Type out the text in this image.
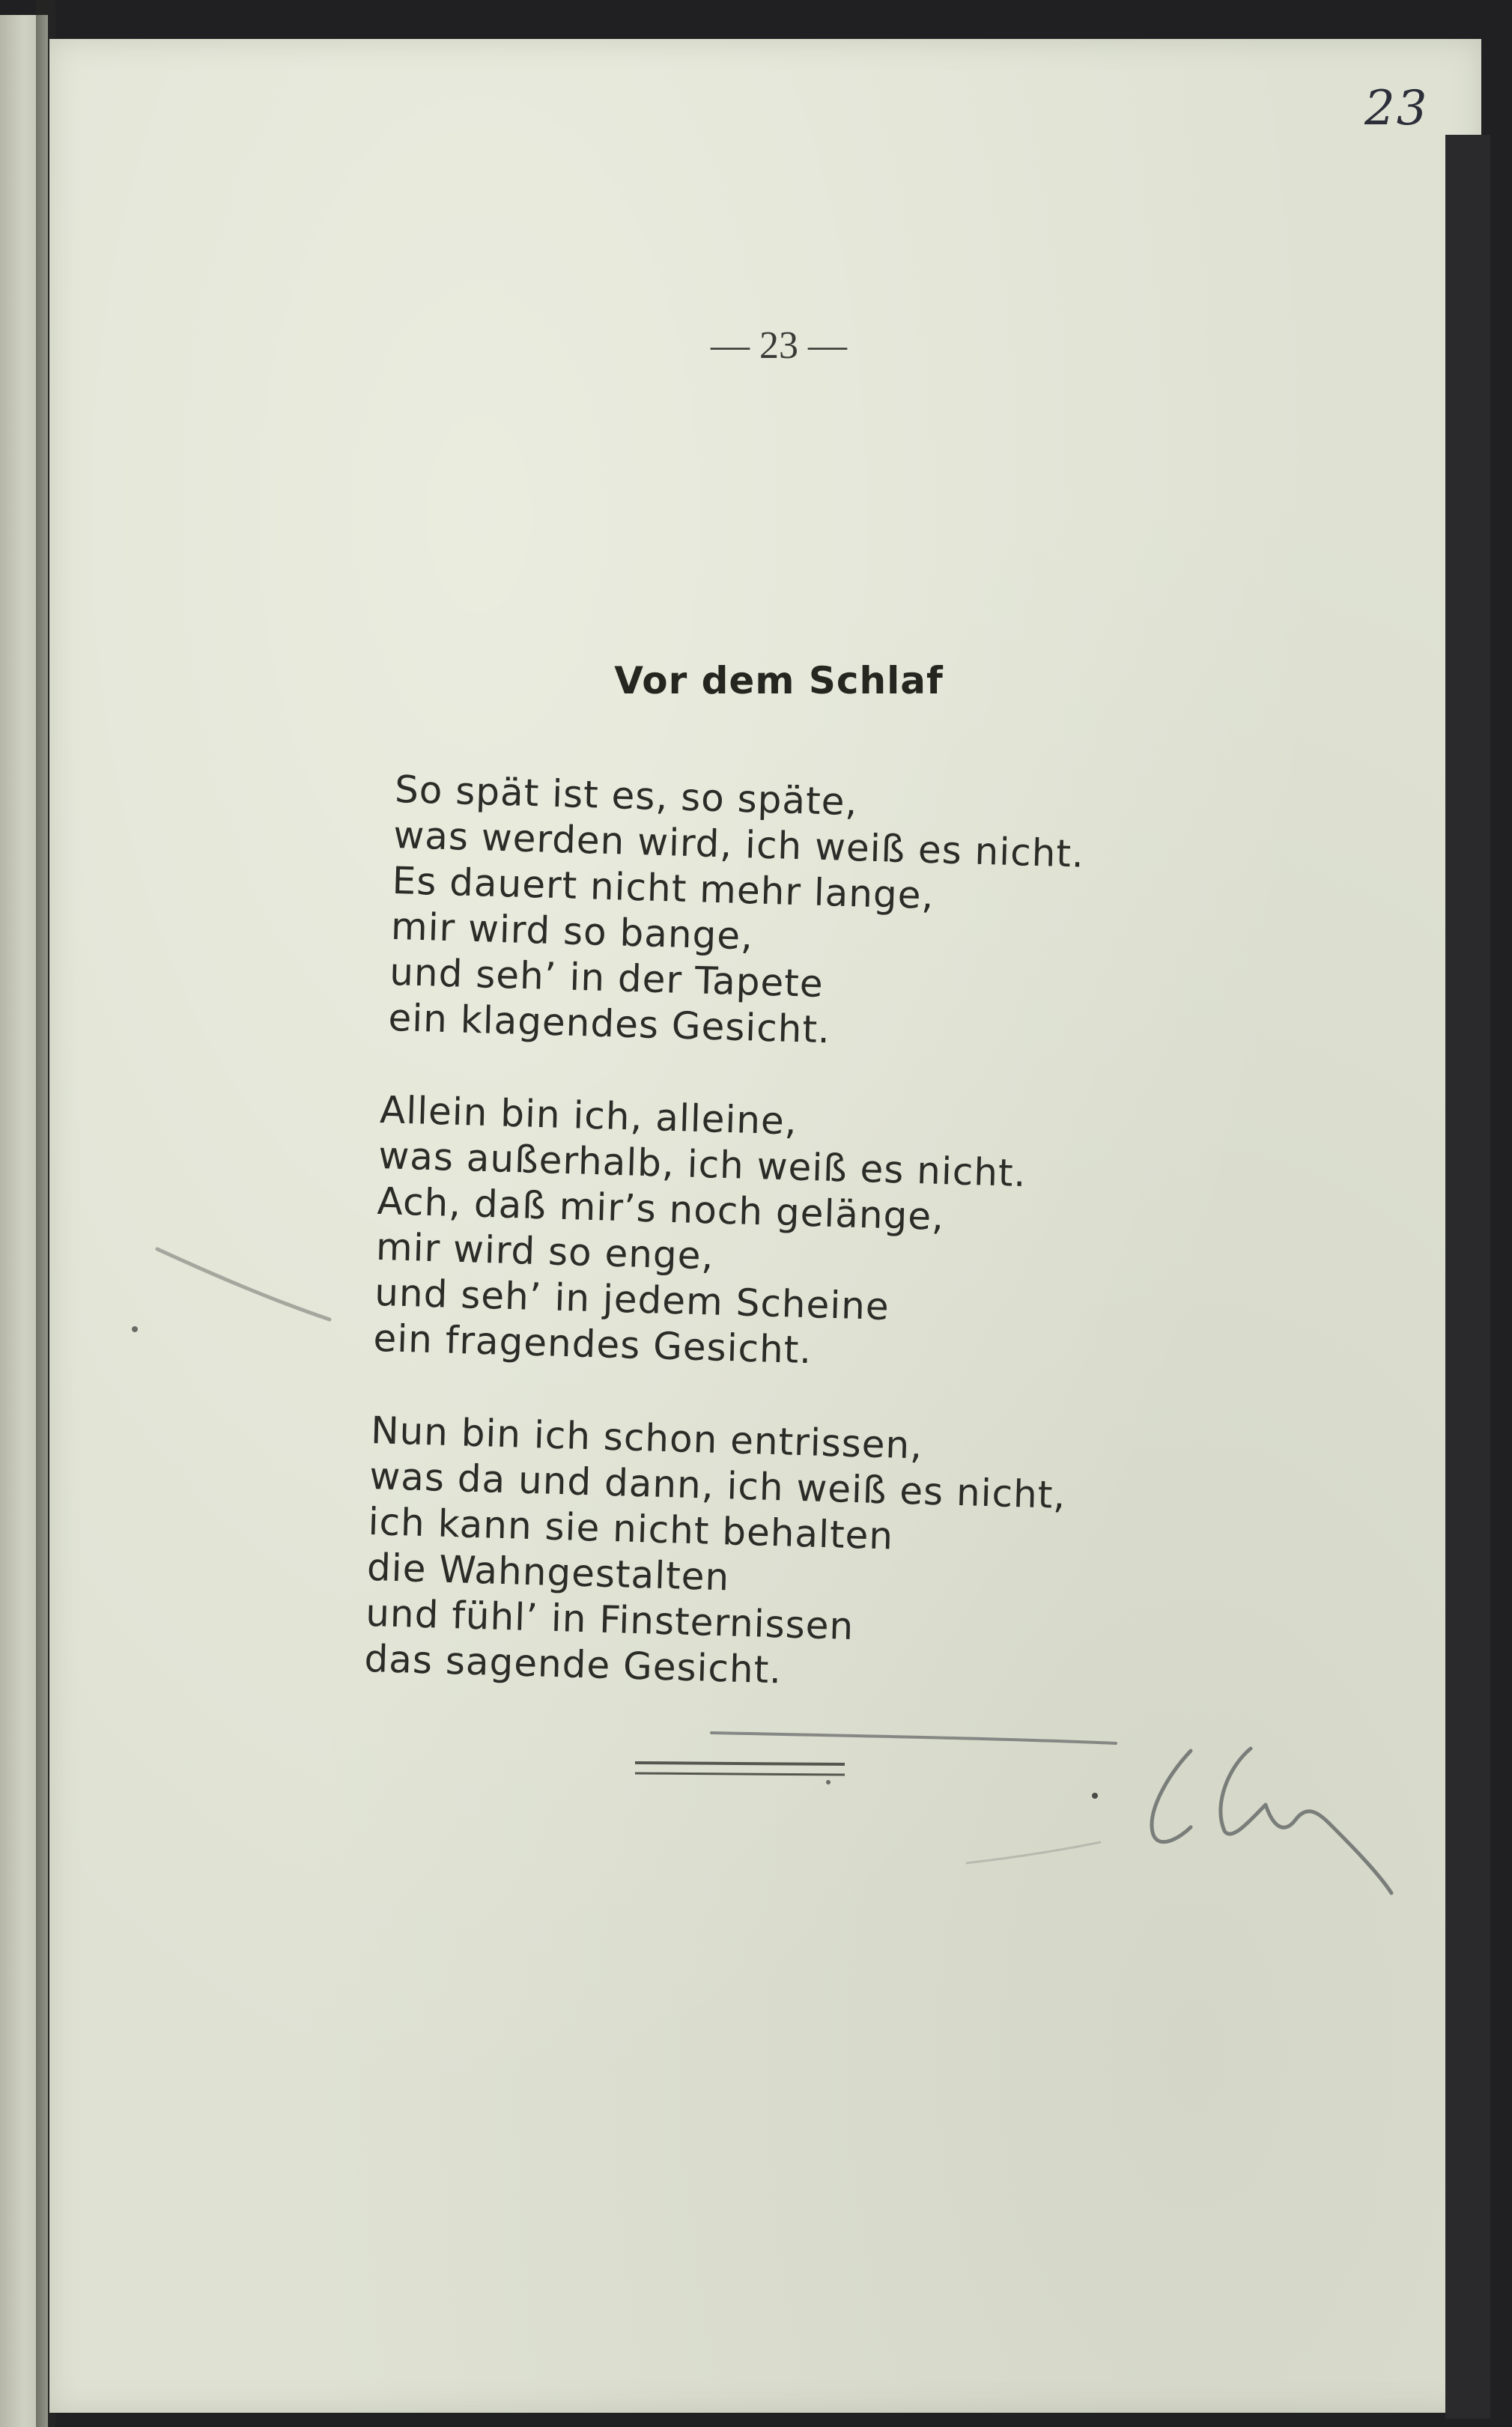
23
— 23 —
Vor dem Schlaf
So spät ist es, so späte,
was werden wird, ich weiß es nicht.
Es dauert nicht mehr lange,
mir wird so bange,
und seh’ in der Tapete
ein klagendes Gesicht.
Allein bin ich, alleine,
was außerhalb, ich weiß es nicht.
Ach, daß mir’s noch gelänge,
mir wird so enge,
und seh’ in jedem Scheine
ein fragendes Gesicht.
Nun bin ich schon entrissen,
was da und dann, ich weiß es nicht,
ich kann sie nicht behalten
die Wahngestalten
und fühl’ in Finsternissen
das sagende Gesicht.
